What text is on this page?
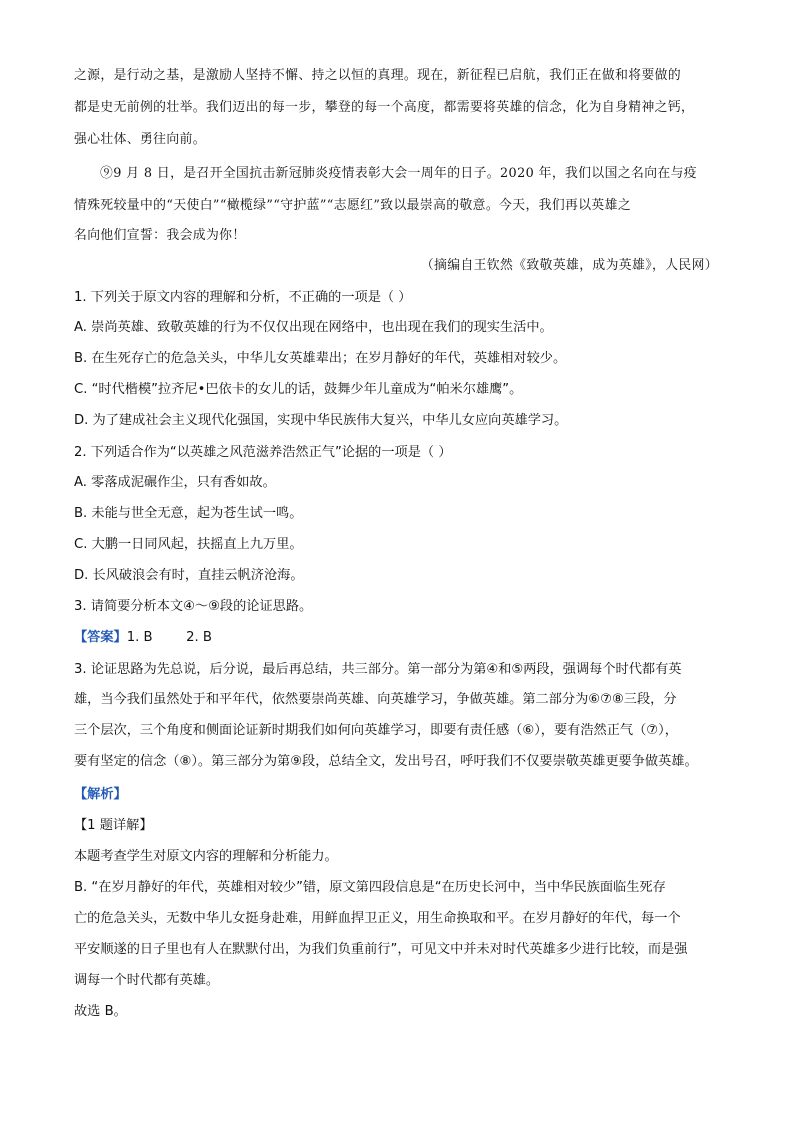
之源，是行动之基，是激励人坚持不懈、持之以恒的真理。现在，新征程已启航，我们正在做和将要做的
都是史无前例的壮举。我们迈出的每一步，攀登的每一个高度，都需要将英雄的信念，化为自身精神之钙，
强心壮体、勇往向前。
⑨9 月 8 日，是召开全国抗击新冠肺炎疫情表彰大会一周年的日子。2020 年，我们以国之名向在与疫
情殊死较量中的“天使白”“橄榄绿”“守护蓝”“志愿红”致以最崇高的敬意。今天，我们再以英雄之
名向他们宣誓：我会成为你！
（摘编自王钦然《致敬英雄，成为英雄》，人民网）
1. 下列关于原文内容的理解和分析，不正确的一项是（ ）
A. 崇尚英雄、致敬英雄的行为不仅仅出现在网络中，也出现在我们的现实生活中。
B. 在生死存亡的危急关头，中华儿女英雄辈出；在岁月静好的年代，英雄相对较少。
C. “时代楷模”拉齐尼•巴依卡的女儿的话，鼓舞少年儿童成为“帕米尔雄鹰”。
D. 为了建成社会主义现代化强国，实现中华民族伟大复兴，中华儿女应向英雄学习。
2. 下列适合作为“以英雄之风范滋养浩然正气”论据的一项是（ ）
A. 零落成泥碾作尘，只有香如故。
B. 未能与世全无意，起为苍生试一鸣。
C. 大鹏一日同风起，扶摇直上九万里。
D. 长风破浪会有时，直挂云帆济沧海。
3. 请简要分析本文④～⑨段的论证思路。
【答案】1. B        2. B
3. 论证思路为先总说，后分说，最后再总结，共三部分。第一部分为第④和⑤两段，强调每个时代都有英
雄，当今我们虽然处于和平年代，依然要崇尚英雄、向英雄学习，争做英雄。第二部分为⑥⑦⑧三段，分
三个层次，三个角度和侧面论证新时期我们如何向英雄学习，即要有责任感（⑥），要有浩然正气（⑦），
要有坚定的信念（⑧）。第三部分为第⑨段，总结全文，发出号召，呼吁我们不仅要崇敬英雄更要争做英雄。
【解析】
【1 题详解】
本题考查学生对原文内容的理解和分析能力。
B. “在岁月静好的年代，英雄相对较少”错，原文第四段信息是“在历史长河中，当中华民族面临生死存
亡的危急关头，无数中华儿女挺身赴难，用鲜血捍卫正义，用生命换取和平。在岁月静好的年代，每一个
平安顺遂的日子里也有人在默默付出，为我们负重前行”，可见文中并未对时代英雄多少进行比较，而是强
调每一个时代都有英雄。
故选 B。
